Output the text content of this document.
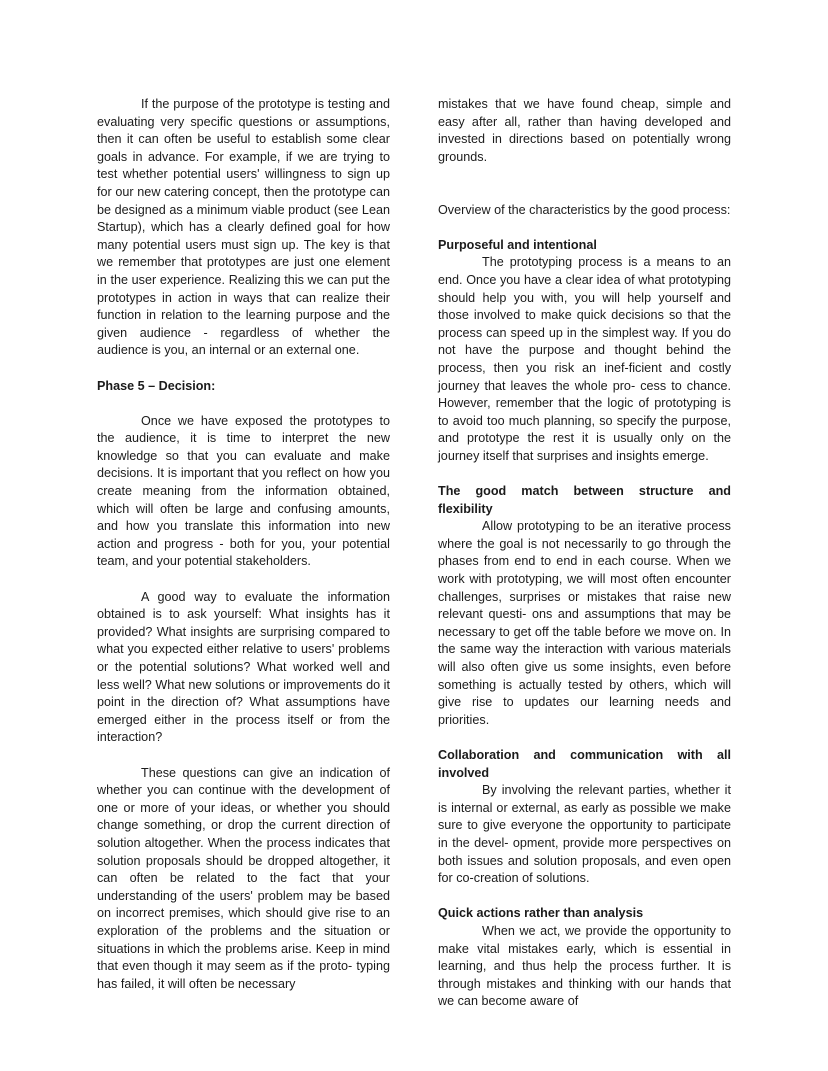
If the purpose of the prototype is testing and evaluating very specific questions or assumptions, then it can often be useful to establish some clear goals in advance. For example, if we are trying to test whether potential users' willingness to sign up for our new catering concept, then the prototype can be designed as a minimum viable product (see Lean Startup), which has a clearly defined goal for how many potential users must sign up. The key is that we remember that prototypes are just one element in the user experience. Realizing this we can put the prototypes in action in ways that can realize their function in relation to the learning purpose and the given audience - regardless of whether the audience is you, an internal or an external one.

Phase 5 – Decision:

Once we have exposed the prototypes to the audience, it is time to interpret the new knowledge so that you can evaluate and make decisions. It is important that you reflect on how you create meaning from the information obtained, which will often be large and confusing amounts, and how you translate this information into new action and progress - both for you, your potential team, and your potential stakeholders.

A good way to evaluate the information obtained is to ask yourself: What insights has it provided? What insights are surprising compared to what you expected either relative to users' problems or the potential solutions? What worked well and less well? What new solutions or improvements do it point in the direction of? What assumptions have emerged either in the process itself or from the interaction?

These questions can give an indication of whether you can continue with the development of one or more of your ideas, or whether you should change something, or drop the current direction of solution altogether. When the process indicates that solution proposals should be dropped altogether, it can often be related to the fact that your understanding of the users' problem may be based on incorrect premises, which should give rise to an exploration of the problems and the situation or situations in which the problems arise. Keep in mind that even though it may seem as if the proto- typing has failed, it will often be necessary

mistakes that we have found cheap, simple and easy after all, rather than having developed and invested in directions based on potentially wrong grounds.

Overview of the characteristics by the good process:

Purposeful and intentional

The prototyping process is a means to an end. Once you have a clear idea of what prototyping should help you with, you will help yourself and those involved to make quick decisions so that the process can speed up in the simplest way. If you do not have the purpose and thought behind the process, then you risk an inef-ficient and costly journey that leaves the whole pro- cess to chance. However, remember that the logic of prototyping is to avoid too much planning, so specify the purpose, and prototype the rest it is usually only on the journey itself that surprises and insights emerge.

The good match between structure and flexibility

Allow prototyping to be an iterative process where the goal is not necessarily to go through the phases from end to end in each course. When we work with prototyping, we will most often encounter challenges, surprises or mistakes that raise new relevant questi- ons and assumptions that may be necessary to get off the table before we move on. In the same way the interaction with various materials will also often give us some insights, even before something is actually tested by others, which will give rise to updates our learning needs and priorities.

Collaboration and communication with all involved

By involving the relevant parties, whether it is internal or external, as early as possible we make sure to give everyone the opportunity to participate in the devel- opment, provide more perspectives on both issues and solution proposals, and even open for co-creation of solutions.

Quick actions rather than analysis

When we act, we provide the opportunity to make vital mistakes early, which is essential in learning, and thus help the process further. It is through mistakes and thinking with our hands that we can become aware of
